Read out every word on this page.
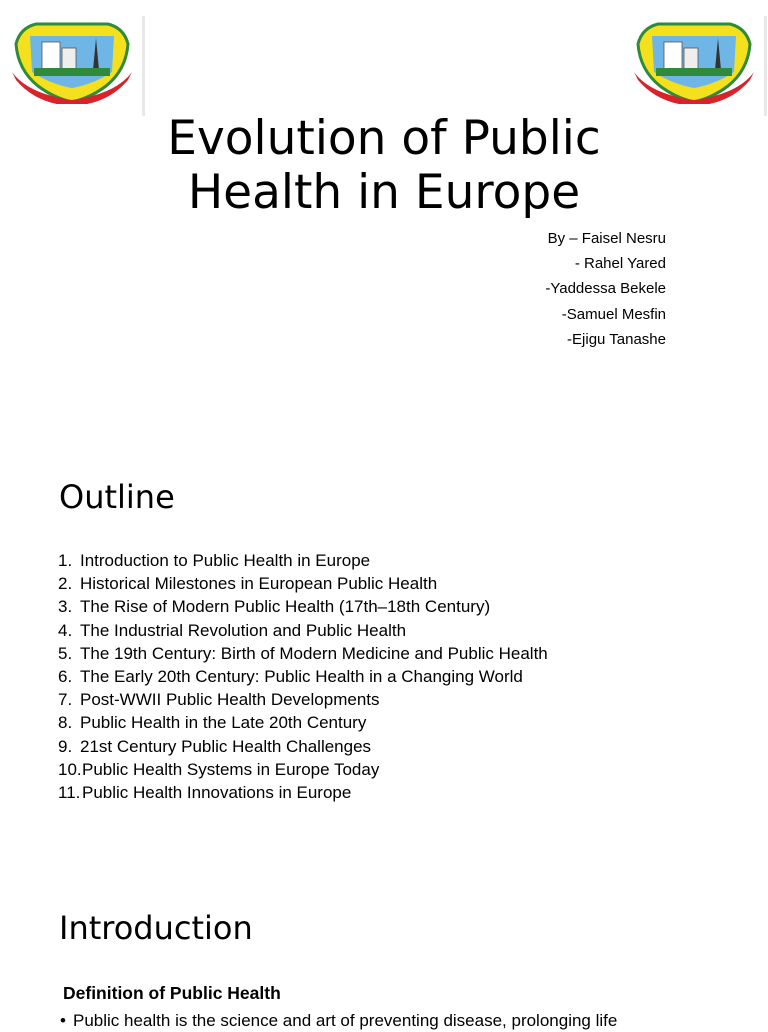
Evolution of Public
Health in Europe
By – Faisel Nesru
- Rahel Yared
-Yaddessa Bekele
-Samuel Mesfin
-Ejigu Tanashe
Outline
1. Introduction to Public Health in Europe
2. Historical Milestones in European Public Health
3. The Rise of Modern Public Health (17th–18th Century)
4. The Industrial Revolution and Public Health
5. The 19th Century: Birth of Modern Medicine and Public Health
6. The Early 20th Century: Public Health in a Changing World
7. Post-WWII Public Health Developments
8. Public Health in the Late 20th Century
9. 21st Century Public Health Challenges
10. Public Health Systems in Europe Today
11. Public Health Innovations in Europe
Introduction
Definition of Public Health
• Public health is the science and art of preventing disease, prolonging life
